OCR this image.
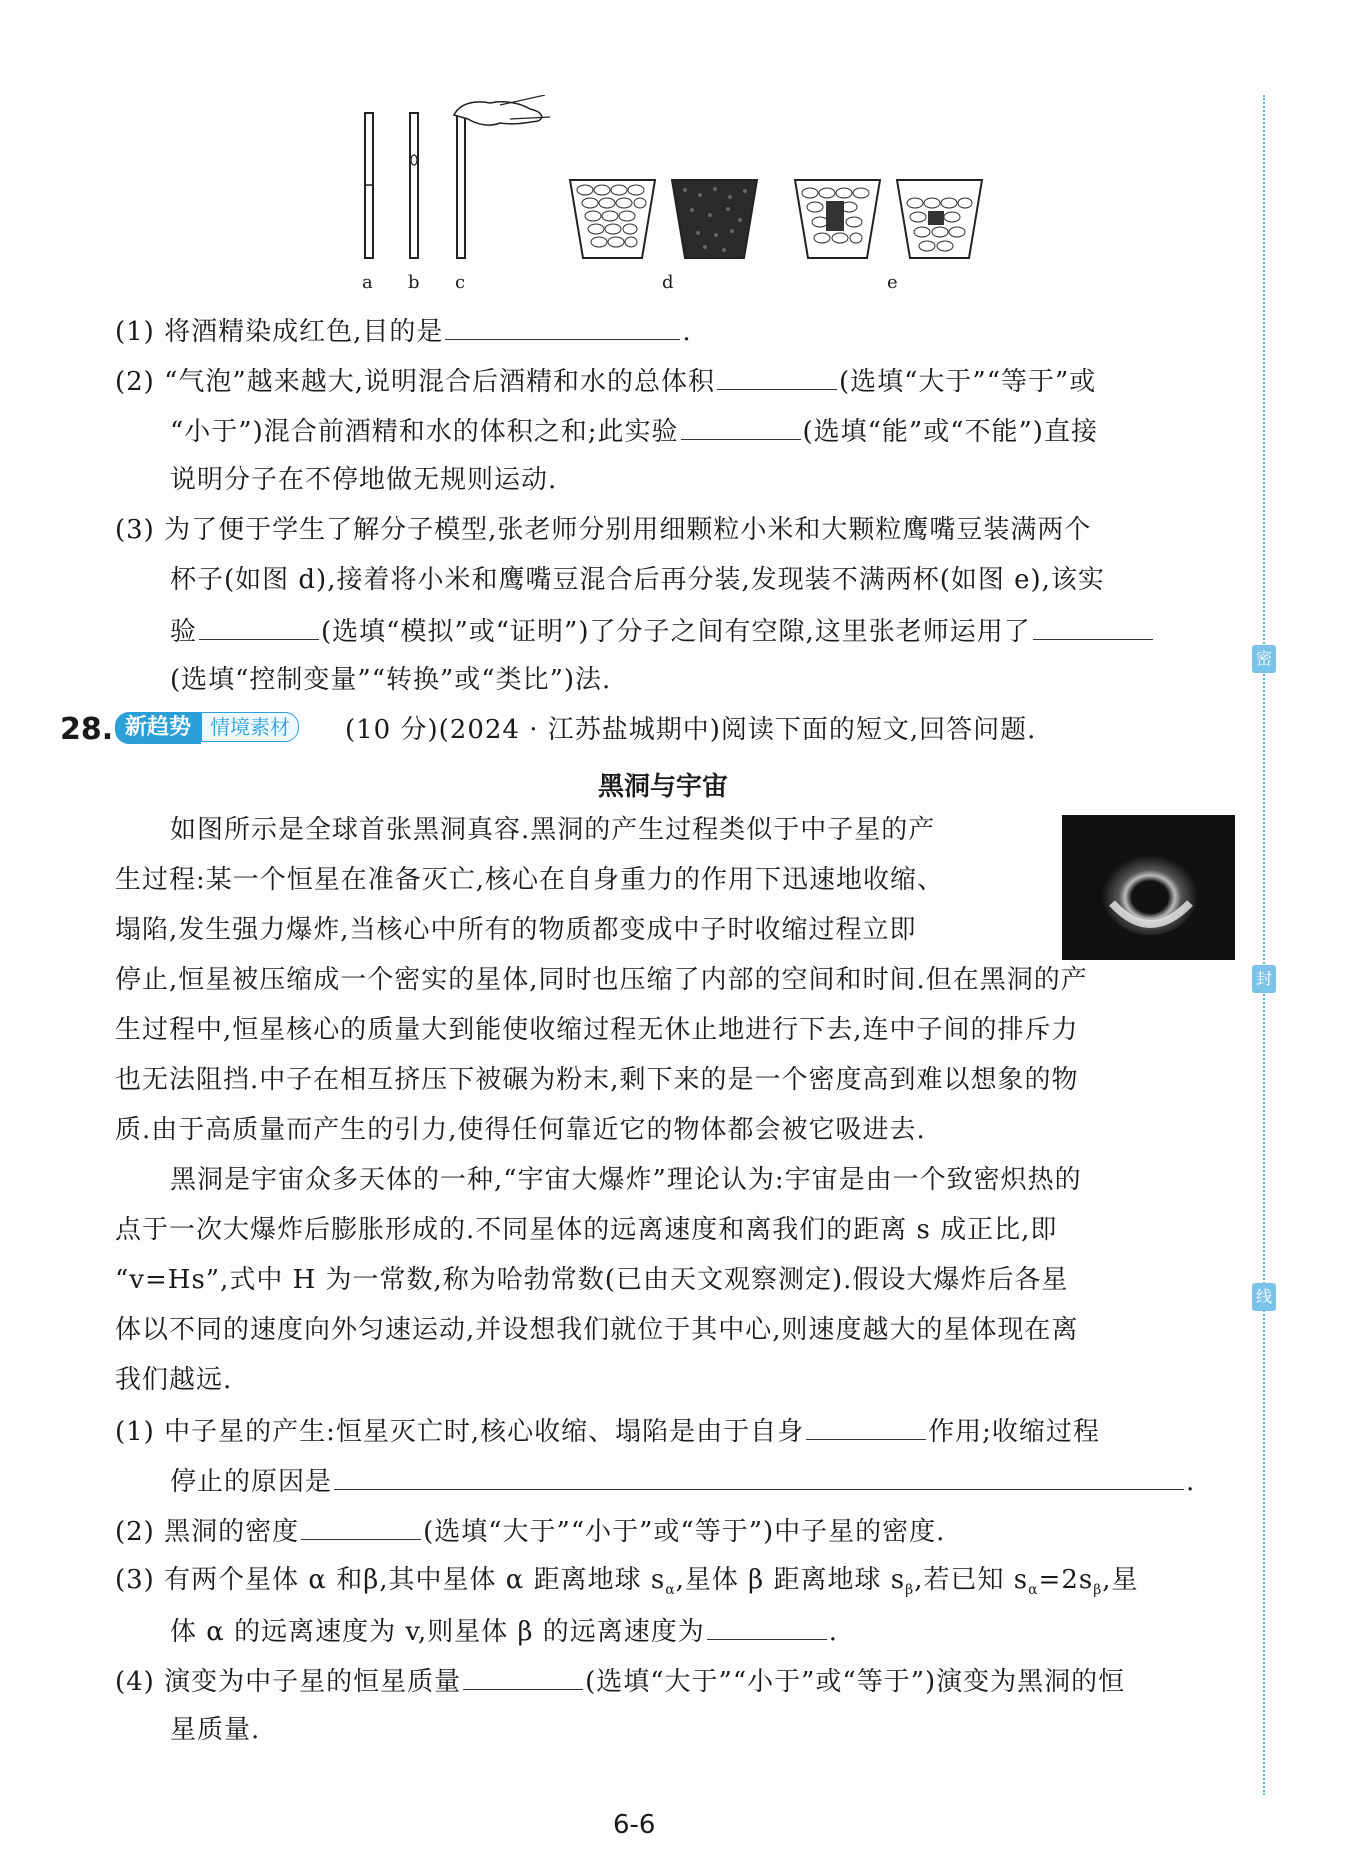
密
封
线
a b c	d	e
(1) 将酒精染成红色,目的是	.
(2) “气泡”越来越大,说明混合后酒精和水的总体积	(选填“大于”“等于”或
“小于”)混合前酒精和水的体积之和;此实验	(选填“能”或“不能”)直接
说明分子在不停地做无规则运动.
(3) 为了便于学生了解分子模型,张老师分别用细颗粒小米和大颗粒鹰嘴豆装满两个
杯子(如图 d),接着将小米和鹰嘴豆混合后再分装,发现装不满两杯(如图 e),该实
验	(选填“模拟”或“证明”)了分子之间有空隙,这里张老师运用了
(选填“控制变量”“转换”或“类比”)法.
28. 新趋势 情境素材	(10 分)(2024 · 江苏盐城期中)阅读下面的短文,回答问题.
黑洞与宇宙
如图所示是全球首张黑洞真容.黑洞的产生过程类似于中子星的产
生过程:某一个恒星在准备灭亡,核心在自身重力的作用下迅速地收缩、
塌陷,发生强力爆炸,当核心中所有的物质都变成中子时收缩过程立即
停止,恒星被压缩成一个密实的星体,同时也压缩了内部的空间和时间.但在黑洞的产
生过程中,恒星核心的质量大到能使收缩过程无休止地进行下去,连中子间的排斥力
也无法阻挡.中子在相互挤压下被碾为粉末,剩下来的是一个密度高到难以想象的物
质.由于高质量而产生的引力,使得任何靠近它的物体都会被它吸进去.
黑洞是宇宙众多天体的一种,“宇宙大爆炸”理论认为:宇宙是由一个致密炽热的
点于一次大爆炸后膨胀形成的.不同星体的远离速度和离我们的距离 s 成正比,即
“v=Hs”,式中 H 为一常数,称为哈勃常数(已由天文观察测定).假设大爆炸后各星
体以不同的速度向外匀速运动,并设想我们就位于其中心,则速度越大的星体现在离
我们越远.
(1) 中子星的产生:恒星灭亡时,核心收缩、塌陷是由于自身	作用;收缩过程
停止的原因是	.
(2) 黑洞的密度	(选填“大于”“小于”或“等于”)中子星的密度.
(3) 有两个星体 α 和β,其中星体 α 距离地球 $s_\alpha$,星体 β 距离地球 $s_\beta$,若已知 $s_\alpha=2s_\beta$,星
体 α 的远离速度为 v,则星体 β 的远离速度为	.
(4) 演变为中子星的恒星质量	(选填“大于”“小于”或“等于”)演变为黑洞的恒
星质量.
6-6
